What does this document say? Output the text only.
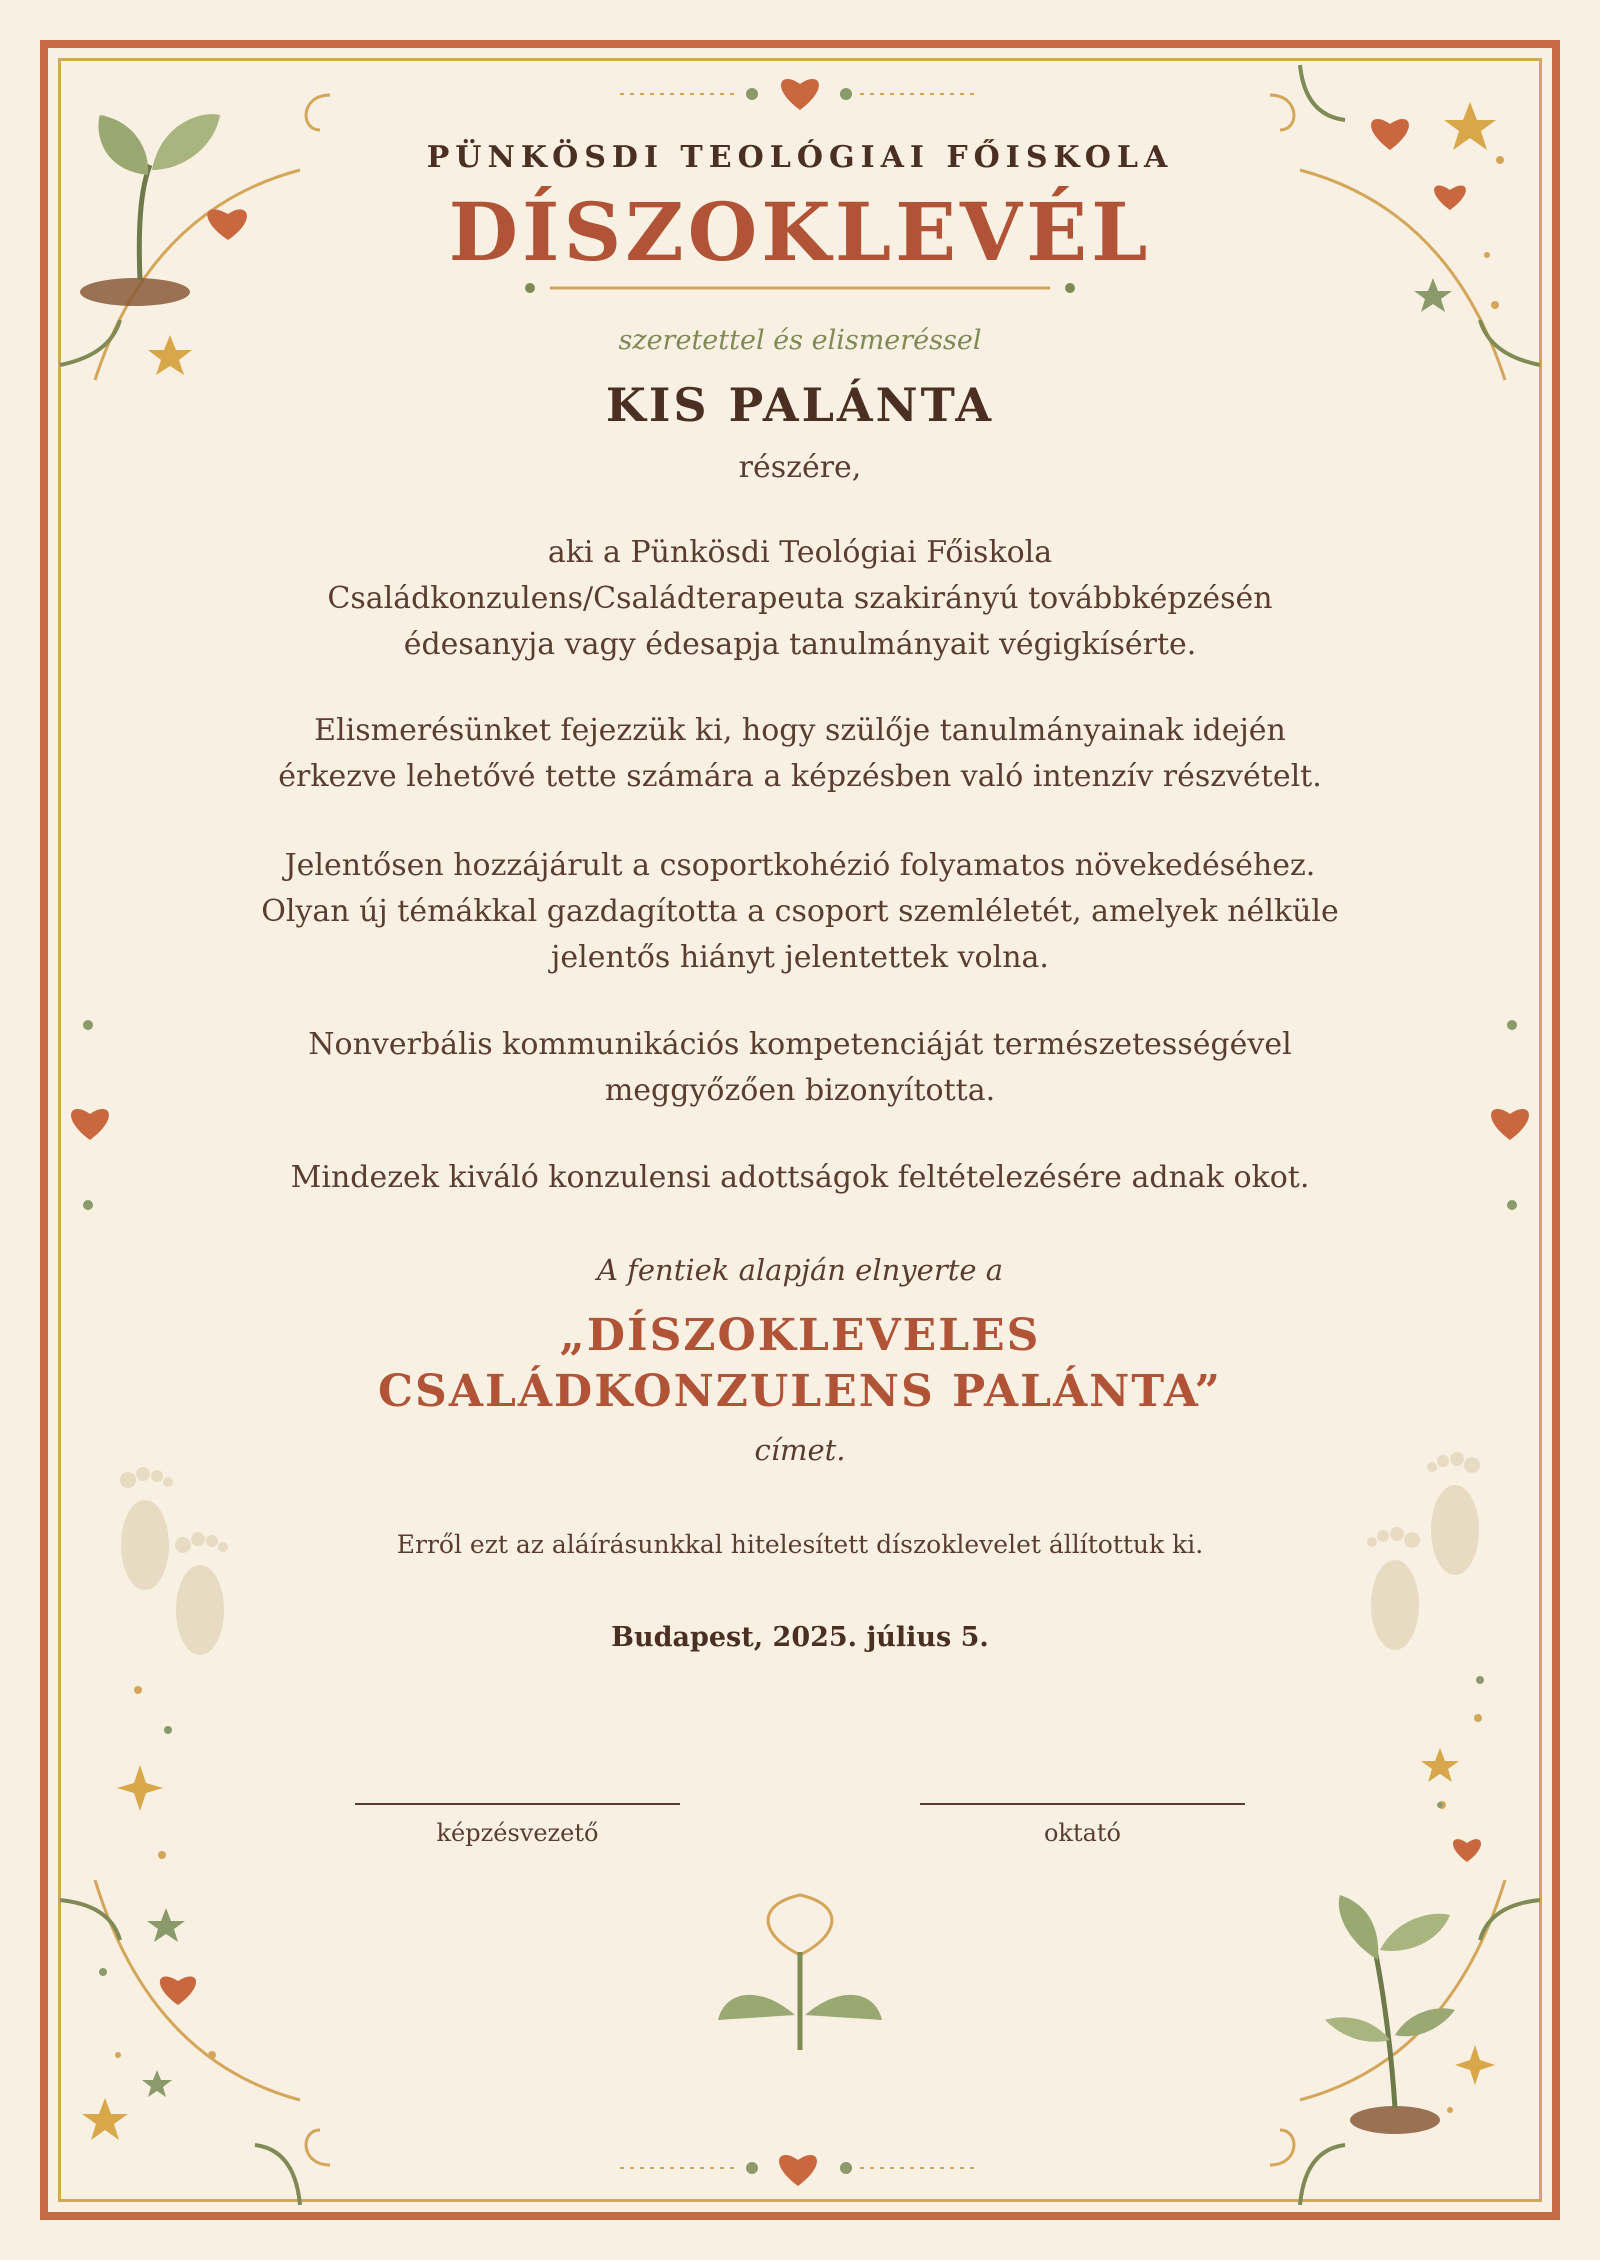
PÜNKÖSDI TEOLÓGIAI FŐISKOLA
DÍSZOKLEVÉL
szeretettel és elismeréssel
KIS PALÁNTA
részére,
aki a Pünkösdi Teológiai Főiskola
Családkonzulens/Családterapeuta szakirányú továbbképzésén
édesanyja vagy édesapja tanulmányait végigkísérte.
Elismerésünket fejezzük ki, hogy szülője tanulmányainak idején
érkezve lehetővé tette számára a képzésben való intenzív részvételt.
Jelentősen hozzájárult a csoportkohézió folyamatos növekedéséhez.
Olyan új témákkal gazdagította a csoport szemléletét, amelyek nélküle
jelentős hiányt jelentettek volna.
Nonverbális kommunikációs kompetenciáját természetességével
meggyőzően bizonyította.
Mindezek kiváló konzulensi adottságok feltételezésére adnak okot.
A fentiek alapján elnyerte a
„DÍSZOKLEVELES
CSALÁDKONZULENS PALÁNTA”
címet.
Erről ezt az aláírásunkkal hitelesített díszoklevelet állítottuk ki.
Budapest, 2025. július 5.
képzésvezető	oktató
